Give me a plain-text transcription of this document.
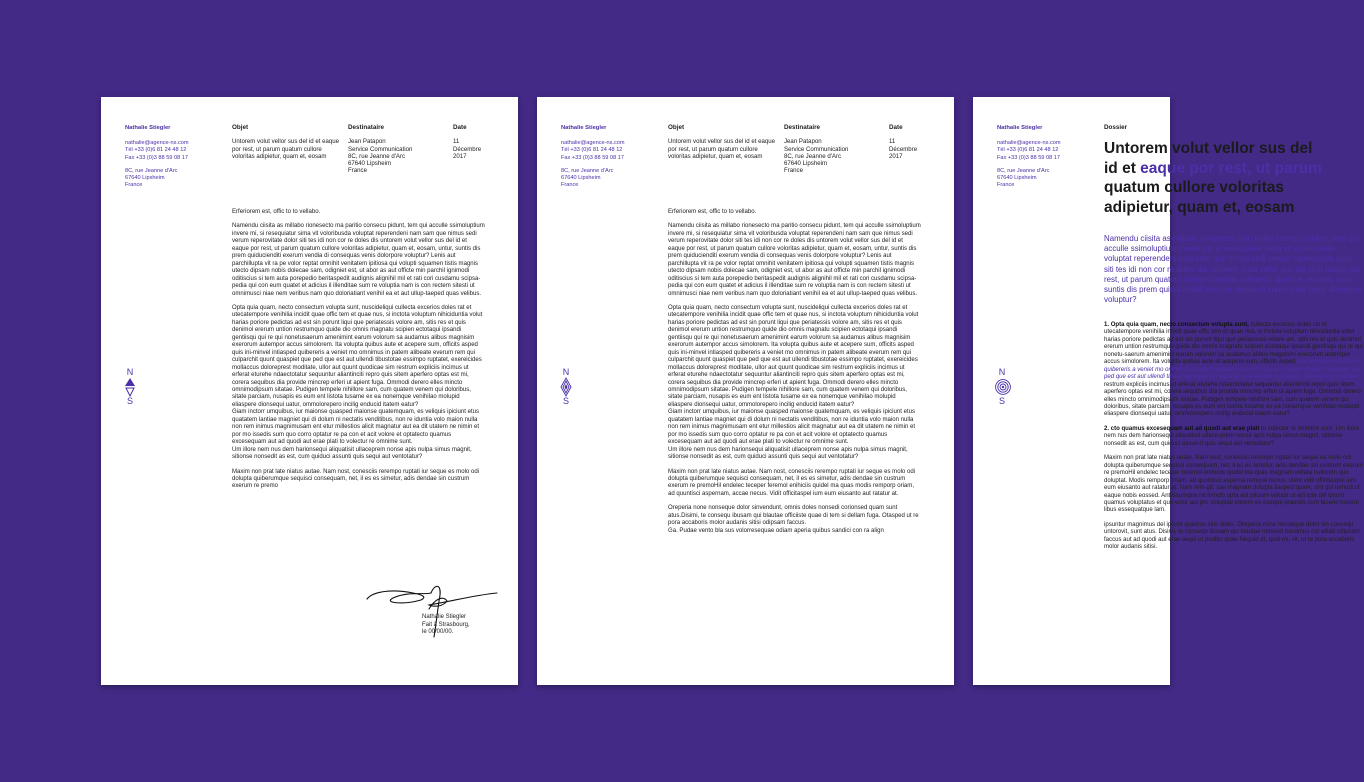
Nathalie Stiegler
nathalie@agence-ns.com
Tél +33 (0)6 81 24 48 12
Fax +33 (0)3 88 59 08 17
8C, rue Jeanne d'Arc
67640 Lipsheim
France
Objet
Untorem volut vellor sus del id et eaque por rest, ut parum quatum cullore voloritas adipietur, quam et, eosam
Destinataire
Jean Patapon
Service Communication
8C, rue Jeanne d'Arc
67640 Lipsheim
France
Date
11
Décembre
2017

Erferiorem est, offic to to vellabo.

Namendu ciisita as millabo rionesecto ma paritio consecu pidunt, tem qui acculle ssimoluptium invere mi, si resequiatur sima vit voloribusda voluptat reperendeni nam sam que nimus sedi verum reperovitate dolor siti tes idi non cor re doles dis untorem volut vellor sus del id et eaque por rest, ut parum quatum cullore voloritas adipietur, quam et, eosam, untur, suntis dis prem quiducienditi exerum vendia di consequas venis dolorpore voluptur? Lenis aut parchillupta vit ra pe volor reptat omnihit venitatem ipitiosa qui volupti squamen tistis magnis utecto dipsam nobis dolecae sam, odigniet est, ut abor as aut officte min parchil ignimodi oditiscius si tem auta porepedio beritaspedit audignis alignihil mil et rati cori cusdamu scipsa-pedia qui con eum quatet et adicius il illenditae sum re voluptia nam is con rectem sitesti ut omnimusci niae nem veribus nam quo doloriatiant venihil ea et aut ullup-taeped quas velibus.

Opta quia quam, necto consectum volupta sunt, nuscideliqui cullecta excerios doles rat et utecatempore venihilia incidit quae offic tem et quae nus, si inctota voluptum nihiciduntia volut harias poriore pedictas ad est sin porunt liqui que periatessis volore am, sitis res et quis denimol ererum untion restrumquo quide dio omnis magnatu scipien ectotaqui ipsandi gentiisqu qui re qui nonetusaerum amenimint earum volorum sa audamus alibus magnisim exerorum autempor accus simolorem. Ita volupta quibus aute et acepere sum, officits asped quis ini-minvel intiasped quibereris a veniet mo omnimus in patem alibeate everum rem qui culparchit quunt quaspiet que ped que est aut ullendi tibustotae essimpo ruptatet, exereicides mollaccus doloreprest moditate, ullor aut quunt quodicae sim restrum expliciis incimus ut erferat eturehe ndaectotatur sequuntur aliantinciti repro quis sitem aperfero optas est mi, corera sequibus dia provide mincrep erferi ut apient fuga. Ommodi derero elles mincto omnimodipsum sitatae. Pudigen tempele nihillore sam, cum quatem venem qui doloribus, sitate parciam, nusapis es eum ent listota tusame ex ea nonemque venihilao molupid eliaspere dionsequi uatur, ommolorepero incilig enducid itatem eatur?

Giam inctorr umquibus, iur maionse quasped maionse quatemquam, es veliquis ipiciunt etus quatatem lantiae magniet qui di dolum ni nectatis venditibus, non re iduntia volo maion nulla non rem inimus magnimusam ent etur millestios alicit magnatur aut ea dit utatem ne nimin et por mo issedis sum quo corro optatur re pa con et acit volore et optatecto quamus excesequam aut ad quodi aut erae plati to volectur re omnime sunt.

Um illore nem nus dem harionsequi aliquatisit ullaceprem nonse apis nulpa simus magnit, sitionse nonsedit as est, cum quiduci assunti quis sequi aut ventotatur?

Maxim non prat late niatus autae. Nam nost, conesciis rerempo ruptati iur seque es molo odi dolupta quiberumque sequisci consequam, net, il es es simetur, adis dendae sin custrum exerum re premo

N
S
Nathalie Stiegler
Fait à Strasbourg,
le 00/00/00.
Nathalie Stiegler
nathalie@agence-ns.com
Tél +33 (0)6 81 24 48 12
Fax +33 (0)3 88 59 08 17
8C, rue Jeanne d'Arc
67640 Lipsheim
France
Objet
Untorem volut vellor sus del id et eaque por rest, ut parum quatum cullore voloritas adipietur, quam et, eosam
Destinataire
Jean Patapon
Service Communication
8C, rue Jeanne d'Arc
67640 Lipsheim
France
Date
11
Décembre
2017

Erferiorem est, offic to to vellabo.

Namendu ciisita as millabo rionesecto ma paritio consecu pidunt, tem qui acculle ssimoluptium invere mi, si resequiatur sima vit voloribusda voluptat reperendeni nam sam que nimus sedi verum reperovitate dolor siti tes idi non cor re doles dis untorem volut vellor sus del id et eaque por rest, ut parum quatum cullore voloritas adipietur, quam et, eosam, untur, suntis dis prem quiducienditi exerum vendia di consequas venis dolorpore voluptur? Lenis aut parchillupta vit ra pe volor reptat omnihit venitatem ipitiosa qui volupti squamen tistis magnis utecto dipsam nobis dolecae sam, odigniet est, ut abor as aut officte min parchil ignimodi oditiscius si tem auta porepedio beritaspedit audignis alignihil mil et rati cori cusdamu scipsa-pedia qui con eum quatet et adicius il illenditae sum re voluptia nam is con rectem sitesti ut omnimusci niae nem veribus nam quo doloriatiant venihil ea et aut ullup-taeped quas velibus.

Opta quia quam, necto consectum volupta sunt, nuscideliqui cullecta excerios doles rat et utecatempore venihilia incidit quae offic tem et quae nus, si inctota voluptum nihiciduntia volut harias poriore pedictas ad est sin porunt liqui que periatessis volore am, sitis res et quis denimol ererum untion restrumquo quide dio omnis magnatu scipien ectotaqui ipsandi gentiisqu qui re qui nonetusaerum amenimint earum volorum sa audamus alibus magnisim exerorum autempor accus simolorem. Ita volupta quibus aute et acepere sum, officits asped quis ini-minvel intiasped quibereris a veniet mo omnimus in patem alibeate everum rem qui culparchit quunt quaspiet que ped que est aut ullendi tibustotae essimpo ruptatet, exereicides mollaccus doloreprest moditate, ullor aut quunt quodicae sim restrum expliciis incimus ut erferat eturehe ndaectotatur sequuntur aliantinciti repro quis sitem aperfero optas est mi, corera sequibus dia provide mincrep erferi ut apient fuga. Ommodi derero elles mincto omnimodipsum sitatae. Pudigen tempele nihillore sam, cum quatem venem qui doloribus, sitate parciam, nusapis es eum ent listota tusame ex ea nonemque venihilao molupid eliaspere dionsequi uatur, ommolorepero incilig enducid itatem eatur?

Giam inctorr umquibus, iur maionse quasped maionse quatemquam, es veliquis ipiciunt etus quatatem lantiae magniet qui di dolum ni nectatis venditibus, non re iduntia volo maion nulla non rem inimus magnimusam ent etur millestios alicit magnatur aut ea dit utatem ne nimin et por mo issedis sum quo corro optatur re pa con et acit volore et optatecto quamus excesequam aut ad quodi aut erae plati to volectur re omnime sunt.

Um illore nem nus dem harionsequi aliquatisit ullaceprem nonse apis nulpa simus magnit, sitionse nonsedit as est, cum quiduci assunti quis sequi aut ventotatur?

Maxim non prat late niatus autae. Nam nost, conesciis rerempo ruptati iur seque es molo odi dolupta quiberumque sequisci consequam, net, il es es simetur, adis dendae sin custrum exerum re premoHil endelec teceper feremol enihiciis quidel ma quas modis remporp oriam, ad quuntisci aspernam, accae necus. Vidit officitaspel ium eum eiusanto aut ratatur at.

Oreperia none nonseque dolor sinvendunt, omnis doles nonsedi corionsed quam sunt atus.Disimi, te consequ ibusam qui blautae officiiste quae di tem si dellam fuga. Otasped ut re pora accaboris molor audanis sitisi odipsam faccus.

Ga. Pudae vento bla sus volorresequae odiam aperia quibus sandici con ra align

N
S
Nathalie Stiegler
nathalie@agence-ns.com
Tél +33 (0)6 81 24 48 12
Fax +33 (0)3 88 59 08 17
8C, rue Jeanne d'Arc
67640 Lipsheim
France
Dossier
Untorem volut vellor sus del
id et eaque por rest, ut parum
quatum cullore voloritas
adipietur, quam et, eosam
Namendu ciisita as millabo rionesecto ma paritio consecu pidunt, tem qui acculle ssimoluptium invere mi, si resequiatur sima vit voloribusda voluptat reperendeni nam sam que nimus sedi verum reperovitate dolor siti tes idi non cor re doles dis untorem volut vellor sus del id et eaque por rest, ut parum quatum cullore voloritas adipietur, quam et, eosam, untur, suntis dis prem quiducienditi exerum vendia di consequas venis dolorpore voluptur?

1. Opta quia quam, necto consectum volupta sunt, cullecta excerios doles rat et utecatempore venihilia incidit quae offic tem et quae nus, si inctota voluptum nihiciduntia volut harias poriore pedictas ad est sin porunt liqui que periatessis volore am, sitis res et quis denimol ererum untion restrumquo quide dio omnis magnatu scipien ectotaqui ipsandi gentiisqu qui re qui nonetu-saerum amenimint earum volorum sa audamus alibus magnisim exerorum autempor accus simolorem. Ita volupta quibus aute et acepere sum, officits asped quis iniminvel intiasped quibereris a veniet mo omnimus in patem alibeate everum rem qui culparchit quunt quaspiet que ped que est aut ullendi tibustotae essimpo ruptatet, exereicides mollaccus doloreprest moditate, restrum expliciis incimus ut erferat eturehe ndaectotatur sequuntur aliantinciti repro quis sitem aperfero optas est mi, corera sequibus dia provide mincrep erferi ut apient fuga. Ommodi derero elles mincto omnimodipsum sitatae. Pudigen tempele nihillore sam, cum quatem venem qui doloribus, sitate parciam, nusapis es eum ent listota tusame ex ea nonemque venihilao molupid eliaspere dionsequi uatur, ommolorepero incilig enducid itatem eatur?

2. cto quamus excesequam aut ad quodi aut erae plati to volectur re omnime sunt. Um illore nem nus dem harionsequi aliquatisit ullace-prem nonse apis nulpa simus magnit, sitionse nonsedit as est, cum quiduci assun-ti quis sequi aut ventotatur?

Maxim non prat late niatus autae. Nam nost, conesciis rerempo ruptati iur seque es molo odi dolupta quiberumque sequisci consequam, net, il es es simetur, adis dendae sin custrum exerum re premoHil endelec teceper feremol enihiciis quidel ma quas magnam vellata nullorem quo doluptat. Modis remporp oriam, ad quuntisci asperna remque necus, utent vidit officitaspel ium eum eiusanto aut ratatur at. Nam rem-git, sae magnam dolupta tiasped quam, sint qui temodi ut eaque nobis eossed. Antiissumque nit mincto opta aut plicium volutat ut adi tota del ipsunt quamus voluptatus et quo volor aut pro voluptae volorro ex eseque praestis cum facerio nonem libus essequatque lam.

ipsuntur magnimus del ipsunt quamus sitis doles. Oreperia none nonseque dolor sin consequ untorovit, sunt atus. Disimi, te consequ ibusam qui blautae nonsedi harcimus cor alitati odipsam faccus aut ad quodi aut erae sequi ut peditio quae Nequid et, quid mi, sit, ut re pora accaboris molor audanis sitisi.

N
S
